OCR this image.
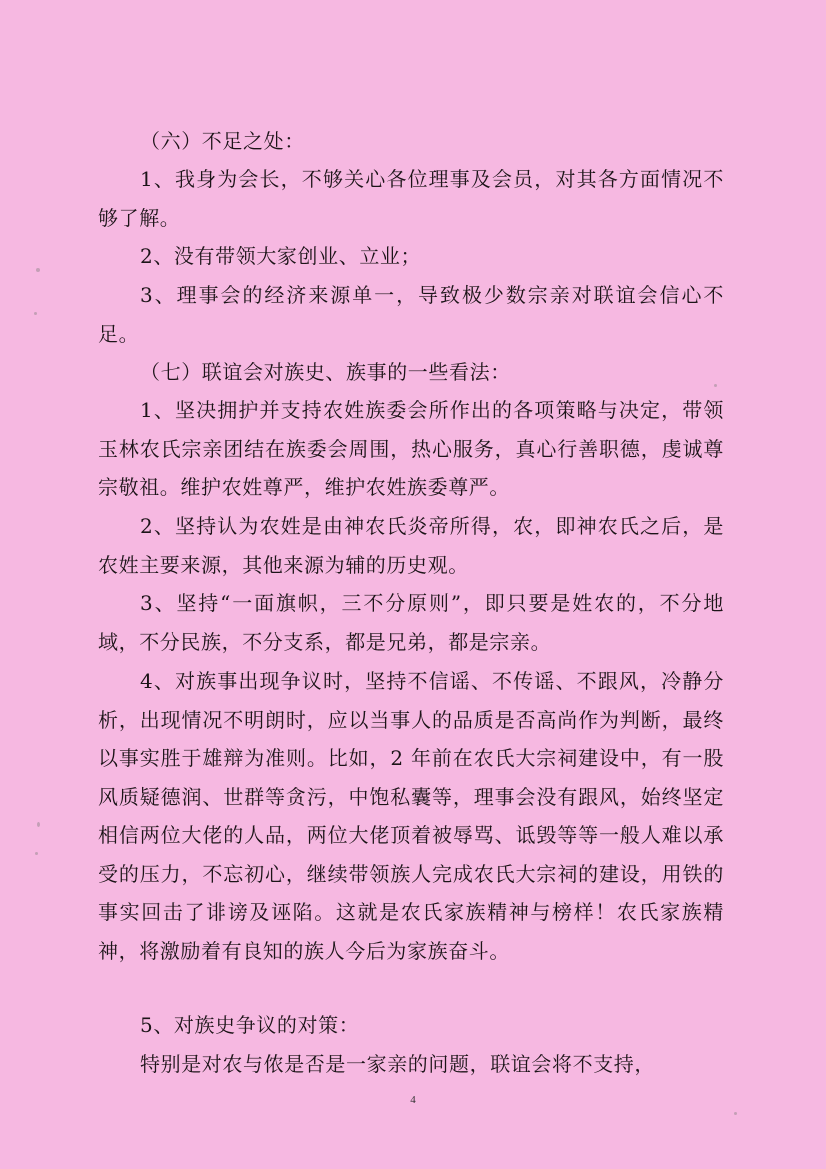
（六）不足之处：

1、我身为会长，不够关心各位理事及会员，对其各方面情况不够了解。

2、没有带领大家创业、立业；

3、理事会的经济来源单一，导致极少数宗亲对联谊会信心不足。

（七）联谊会对族史、族事的一些看法：

1、坚决拥护并支持农姓族委会所作出的各项策略与决定，带领玉林农氏宗亲团结在族委会周围，热心服务，真心行善职德，虔诚尊宗敬祖。维护农姓尊严，维护农姓族委尊严。

2、坚持认为农姓是由神农氏炎帝所得，农，即神农氏之后，是农姓主要来源，其他来源为辅的历史观。

3、坚持“一面旗帜，三不分原则”，即只要是姓农的，不分地域，不分民族，不分支系，都是兄弟，都是宗亲。

4、对族事出现争议时，坚持不信谣、不传谣、不跟风，冷静分析，出现情况不明朗时，应以当事人的品质是否高尚作为判断，最终以事实胜于雄辩为准则。比如，2 年前在农氏大宗祠建设中，有一股风质疑德润、世群等贪污，中饱私囊等，理事会没有跟风，始终坚定相信两位大佬的人品，两位大佬顶着被辱骂、诋毁等等一般人难以承受的压力，不忘初心，继续带领族人完成农氏大宗祠的建设，用铁的事实回击了诽谤及诬陷。这就是农氏家族精神与榜样！农氏家族精神，将激励着有良知的族人今后为家族奋斗。

5、对族史争议的对策：

特别是对农与侬是否是一家亲的问题，联谊会将不支持，

4
